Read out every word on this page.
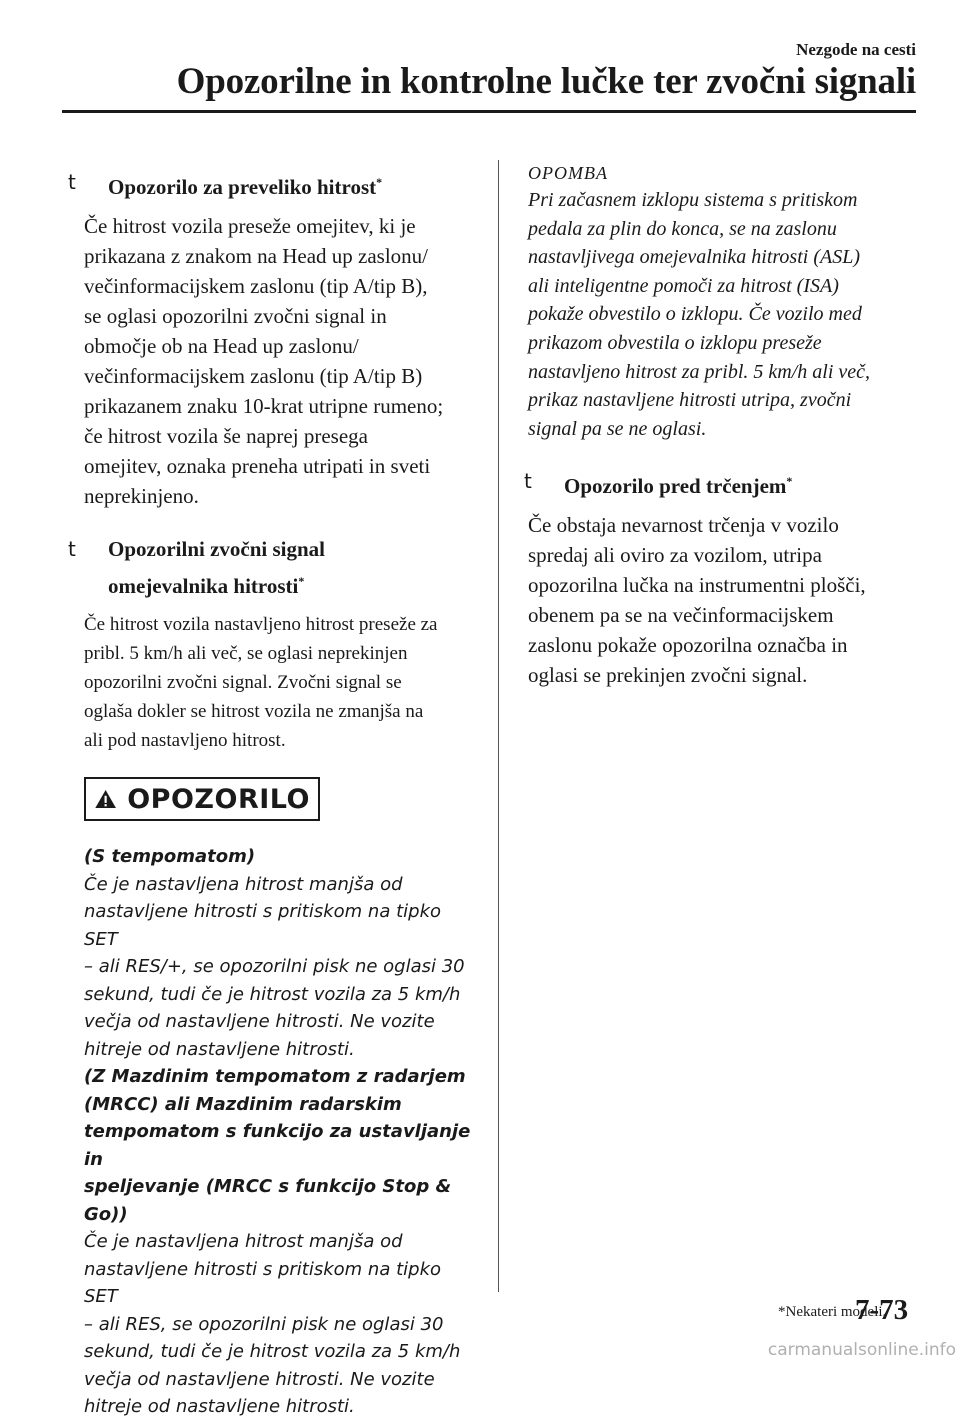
Nezgode na cesti
Opozorilne in kontrolne lučke ter zvočni signali
t Opozorilo za preveliko hitrost*

Če hitrost vozila preseže omejitev, ki je
prikazana z znakom na Head up zaslonu/
večinformacijskem zaslonu (tip A/tip B),
se oglasi opozorilni zvočni signal in
območje ob na Head up zaslonu/
večinformacijskem zaslonu (tip A/tip B)
prikazanem znaku 10-krat utripne rumeno;
če hitrost vozila še naprej presega
omejitev, oznaka preneha utripati in sveti
neprekinjeno.

t Opozorilni zvočni signal
omejevalnika hitrosti*

Če hitrost vozila nastavljeno hitrost preseže za
pribl. 5 km/h ali več, se oglasi neprekinjen
opozorilni zvočni signal. Zvočni signal se
oglaša dokler se hitrost vozila ne zmanjša na
ali pod nastavljeno hitrost.

OPOZORILO

(S tempomatom)
Če je nastavljena hitrost manjša od
nastavljene hitrosti s pritiskom na tipko SET
– ali RES/+, se opozorilni pisk ne oglasi 30
sekund, tudi če je hitrost vozila za 5 km/h
večja od nastavljene hitrosti. Ne vozite
hitreje od nastavljene hitrosti.
(Z Mazdinim tempomatom z radarjem
(MRCC) ali Mazdinim radarskim
tempomatom s funkcijo za ustavljanje in
speljevanje (MRCC s funkcijo Stop & Go))
Če je nastavljena hitrost manjša od
nastavljene hitrosti s pritiskom na tipko SET
– ali RES, se opozorilni pisk ne oglasi 30
sekund, tudi če je hitrost vozila za 5 km/h
večja od nastavljene hitrosti. Ne vozite
hitreje od nastavljene hitrosti.

OPOMBA

Pri začasnem izklopu sistema s pritiskom
pedala za plin do konca, se na zaslonu
nastavljivega omejevalnika hitrosti (ASL)
ali inteligentne pomoči za hitrost (ISA)
pokaže obvestilo o izklopu. Če vozilo med
prikazom obvestila o izklopu preseže
nastavljeno hitrost za pribl. 5 km/h ali več,
prikaz nastavljene hitrosti utripa, zvočni
signal pa se ne oglasi.

t Opozorilo pred trčenjem*

Če obstaja nevarnost trčenja v vozilo
spredaj ali oviro za vozilom, utripa
opozorilna lučka na instrumentni plošči,
obenem pa se na večinformacijskem
zaslonu pokaže opozorilna označba in
oglasi se prekinjen zvočni signal.

*Nekateri modeli.
7-73
carmanualsonline.info
